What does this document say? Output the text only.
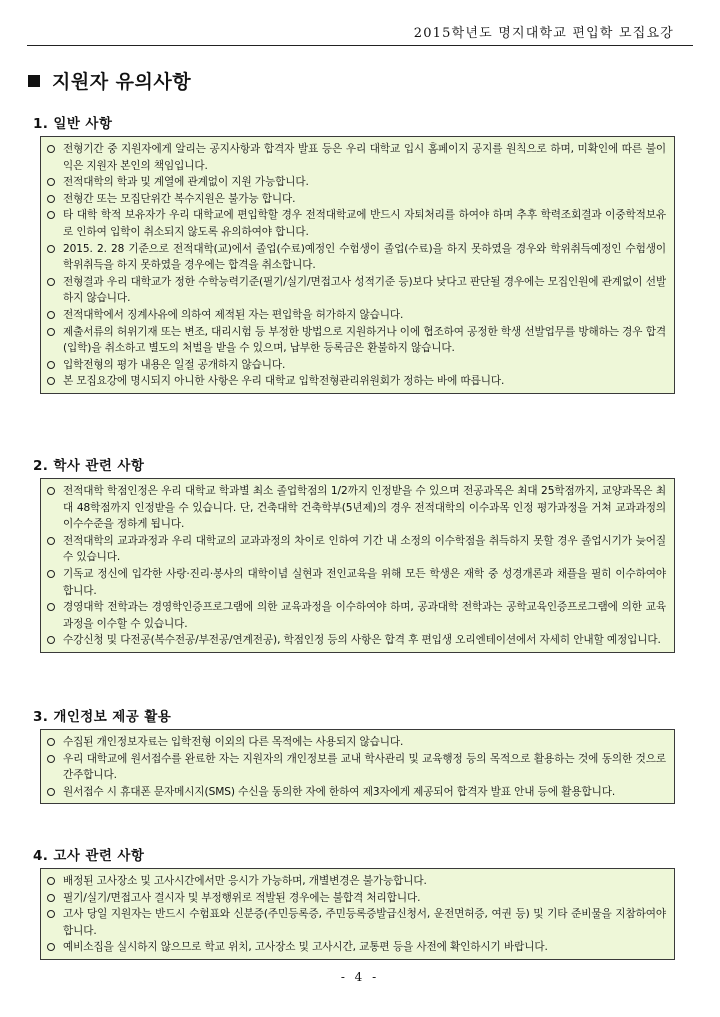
2015학년도 명지대학교 편입학 모집요강
지원자 유의사항
1. 일반 사항
전형기간 중 지원자에게 알리는 공지사항과 합격자 발표 등은 우리 대학교 입시 홈페이지 공지를 원칙으로 하며, 미확인에 따른 불이익은 지원자 본인의 책임입니다.
전적대학의 학과 및 계열에 관계없이 지원 가능합니다.
전형간 또는 모집단위간 복수지원은 불가능 합니다.
타 대학 학적 보유자가 우리 대학교에 편입학할 경우 전적대학교에 반드시 자퇴처리를 하여야 하며 추후 학력조회결과 이중학적보유로 인하여 입학이 취소되지 않도록 유의하여야 합니다.
2015. 2. 28 기준으로 전적대학(교)에서 졸업(수료)예정인 수험생이 졸업(수료)을 하지 못하였을 경우와 학위취득예정인 수험생이 학위취득을 하지 못하였을 경우에는 합격을 취소합니다.
전형결과 우리 대학교가 정한 수학능력기준(필기/실기/면접고사 성적기준 등)보다 낮다고 판단될 경우에는 모집인원에 관계없이 선발하지 않습니다.
전적대학에서 징계사유에 의하여 제적된 자는 편입학을 허가하지 않습니다.
제출서류의 허위기재 또는 변조, 대리시험 등 부정한 방법으로 지원하거나 이에 협조하여 공정한 학생 선발업무를 방해하는 경우 합격(입학)을 취소하고 별도의 처벌을 받을 수 있으며, 납부한 등록금은 환불하지 않습니다.
입학전형의 평가 내용은 일절 공개하지 않습니다.
본 모집요강에 명시되지 아니한 사항은 우리 대학교 입학전형관리위원회가 정하는 바에 따릅니다.
2. 학사 관련 사항
전적대학 학점인정은 우리 대학교 학과별 최소 졸업학점의 1/2까지 인정받을 수 있으며 전공과목은 최대 25학점까지, 교양과목은 최대 48학점까지 인정받을 수 있습니다. 단, 건축대학 건축학부(5년제)의 경우 전적대학의 이수과목 인정 평가과정을 거쳐 교과과정의 이수수준을 정하게 됩니다.
전적대학의 교과과정과 우리 대학교의 교과과정의 차이로 인하여 기간 내 소정의 이수학점을 취득하지 못할 경우 졸업시기가 늦어질 수 있습니다.
기독교 정신에 입각한 사랑·진리·봉사의 대학이념 실현과 전인교육을 위해 모든 학생은 재학 중 성경개론과 채플을 필히 이수하여야 합니다.
경영대학 전학과는 경영학인증프로그램에 의한 교육과정을 이수하여야 하며, 공과대학 전학과는 공학교육인증프로그램에 의한 교육과정을 이수할 수 있습니다.
수강신청 및 다전공(복수전공/부전공/연계전공), 학점인정 등의 사항은 합격 후 편입생 오리엔테이션에서 자세히 안내할 예정입니다.
3. 개인정보 제공 활용
수집된 개인정보자료는 입학전형 이외의 다른 목적에는 사용되지 않습니다.
우리 대학교에 원서접수를 완료한 자는 지원자의 개인정보를 교내 학사관리 및 교육행정 등의 목적으로 활용하는 것에 동의한 것으로 간주합니다.
원서접수 시 휴대폰 문자메시지(SMS) 수신을 동의한 자에 한하여 제3자에게 제공되어 합격자 발표 안내 등에 활용합니다.
4. 고사 관련 사항
배정된 고사장소 및 고사시간에서만 응시가 가능하며, 개별변경은 불가능합니다.
필기/실기/면접고사 결시자 및 부정행위로 적발된 경우에는 불합격 처리합니다.
고사 당일 지원자는 반드시 수험표와 신분증(주민등록증, 주민등록증발급신청서, 운전면허증, 여권 등) 및 기타 준비물을 지참하여야 합니다.
예비소집을 실시하지 않으므로 학교 위치, 고사장소 및 고사시간, 교통편 등을 사전에 확인하시기 바랍니다.
- 4 -
